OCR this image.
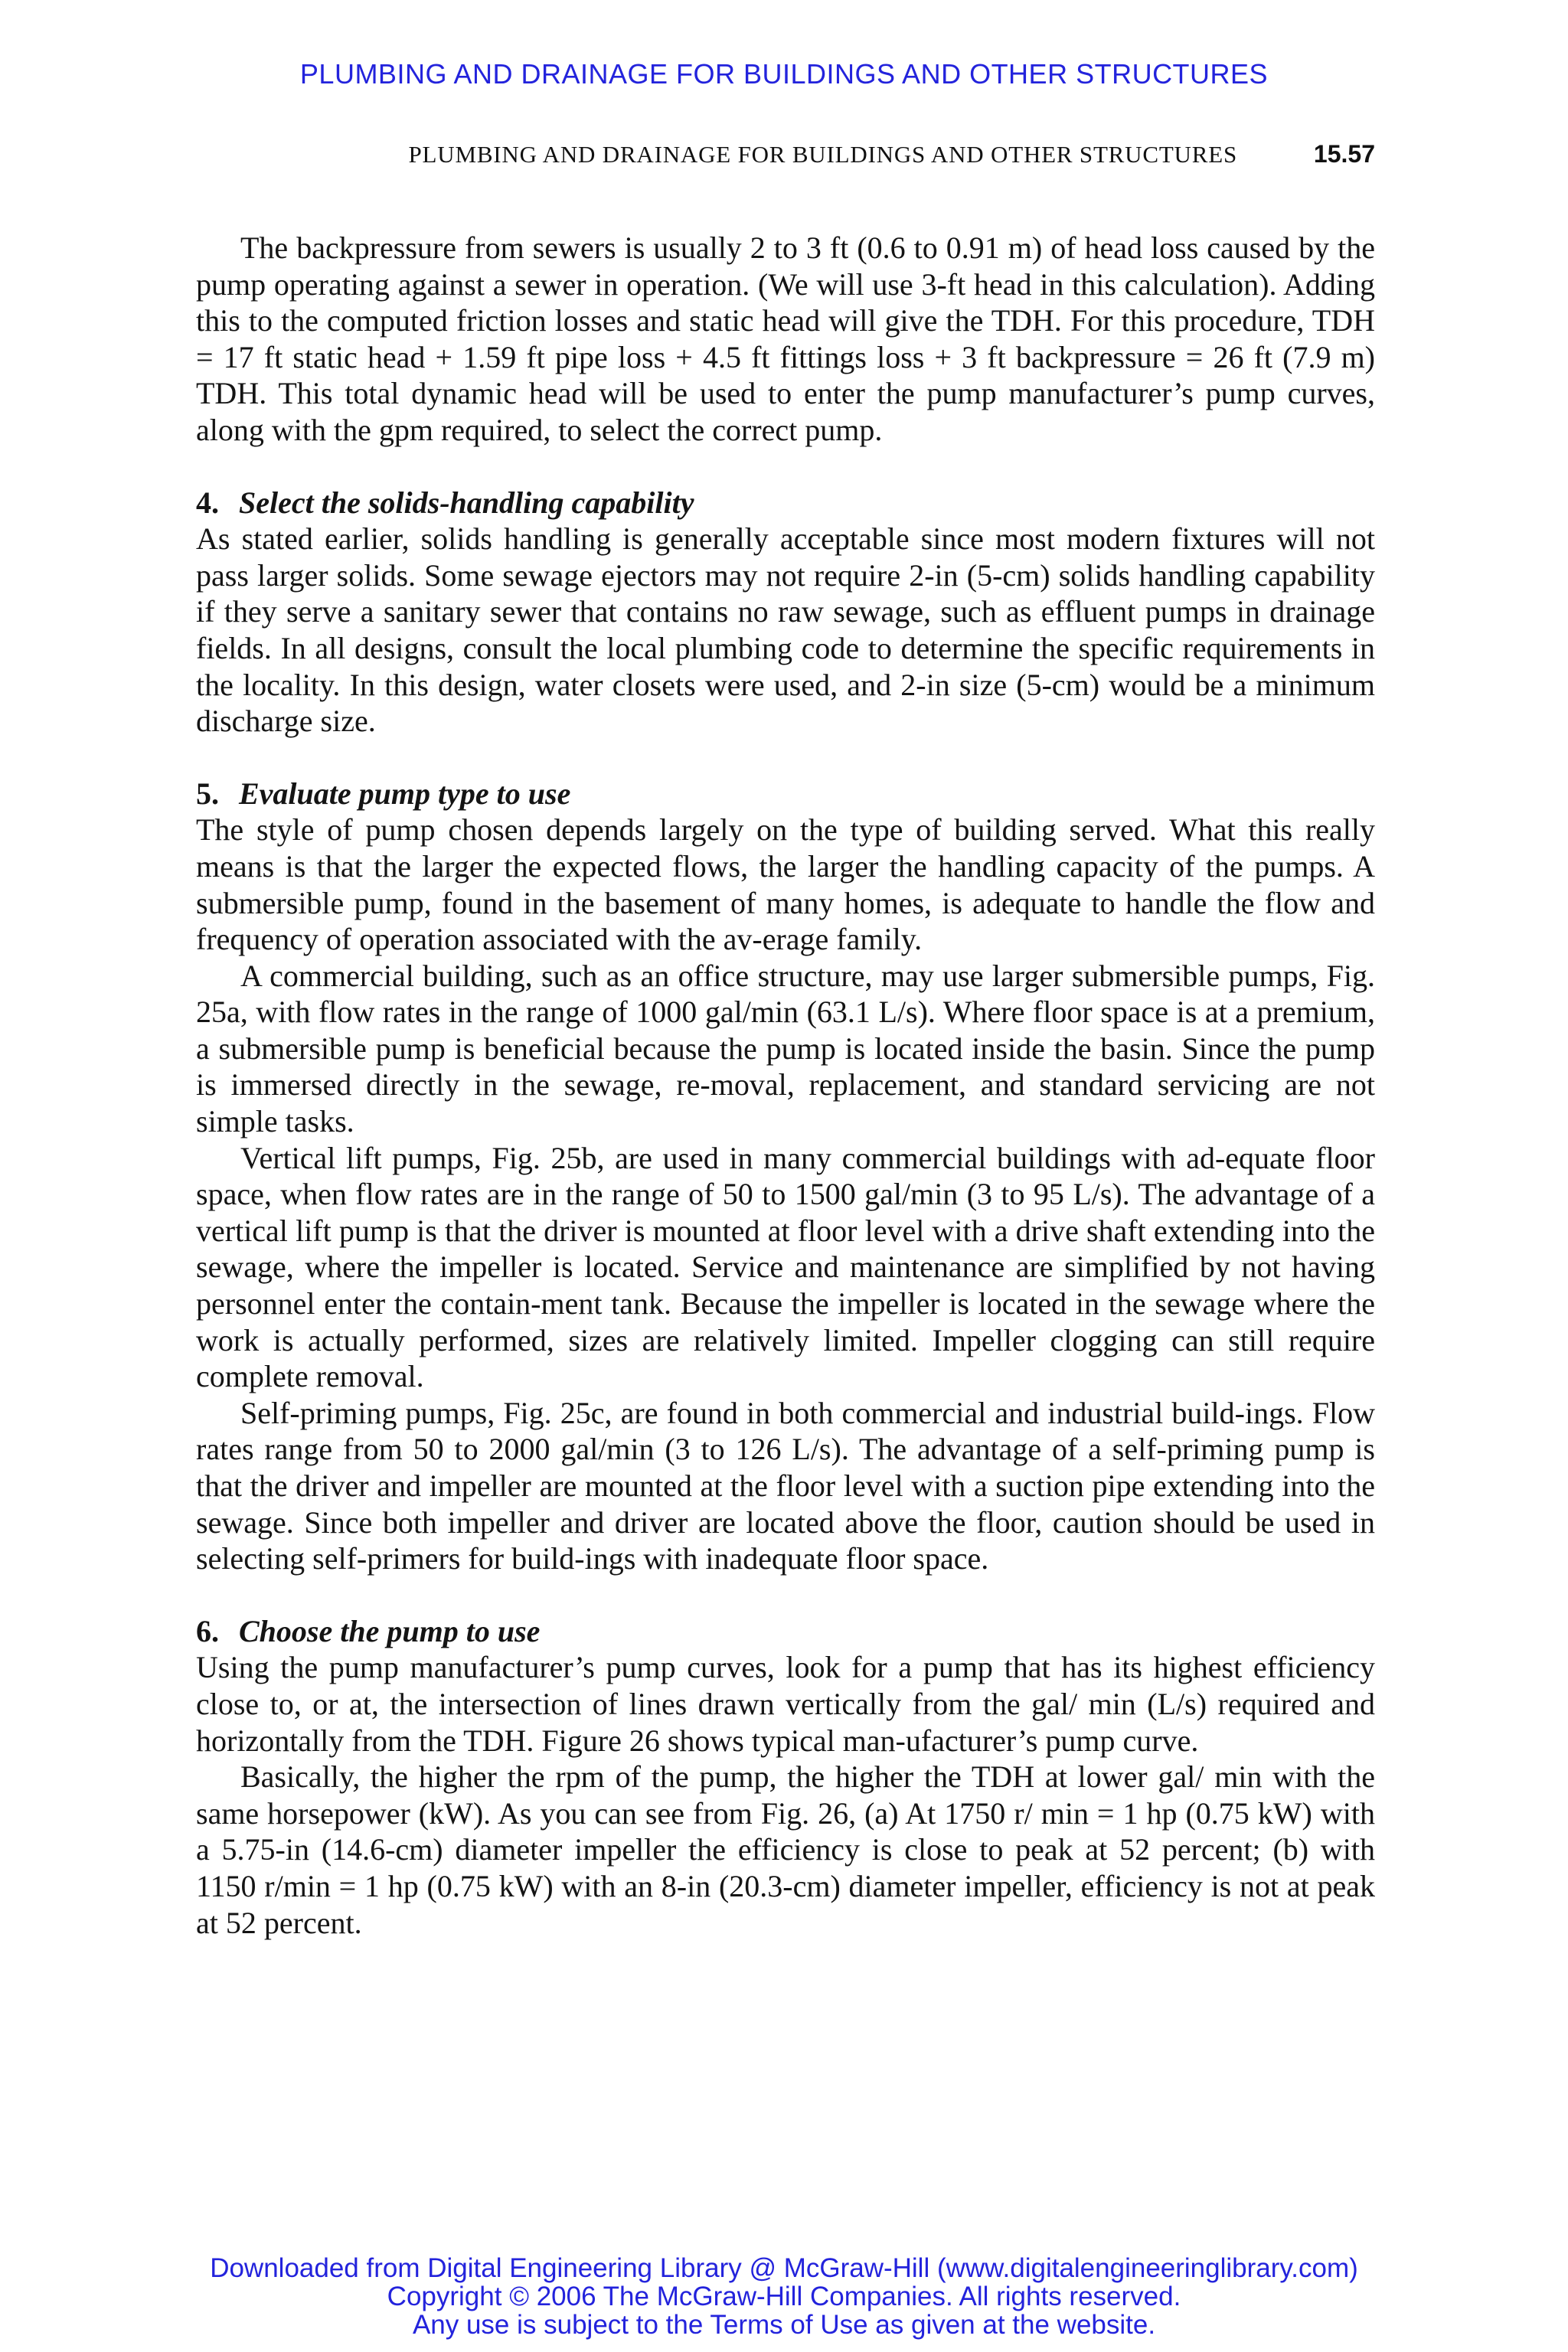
PLUMBING AND DRAINAGE FOR BUILDINGS AND OTHER STRUCTURES
PLUMBING AND DRAINAGE FOR BUILDINGS AND OTHER STRUCTURES	15.57

The backpressure from sewers is usually 2 to 3 ft (0.6 to 0.91 m) of head loss caused by the pump operating against a sewer in operation. (We will use 3-ft head in this calculation). Adding this to the computed friction losses and static head will give the TDH. For this procedure, TDH = 17 ft static head + 1.59 ft pipe loss + 4.5 ft fittings loss + 3 ft backpressure = 26 ft (7.9 m) TDH. This total dynamic head will be used to enter the pump manufacturer’s pump curves, along with the gpm required, to select the correct pump.

4. Select the solids-handling capability

As stated earlier, solids handling is generally acceptable since most modern fixtures will not pass larger solids. Some sewage ejectors may not require 2-in (5-cm) solids handling capability if they serve a sanitary sewer that contains no raw sewage, such as effluent pumps in drainage fields. In all designs, consult the local plumbing code to determine the specific requirements in the locality. In this design, water closets were used, and 2-in size (5-cm) would be a minimum discharge size.

5. Evaluate pump type to use

The style of pump chosen depends largely on the type of building served. What this really means is that the larger the expected flows, the larger the handling capacity of the pumps. A submersible pump, found in the basement of many homes, is adequate to handle the flow and frequency of operation associated with the av-erage family.

A commercial building, such as an office structure, may use larger submersible pumps, Fig. 25a, with flow rates in the range of 1000 gal/min (63.1 L/s). Where floor space is at a premium, a submersible pump is beneficial because the pump is located inside the basin. Since the pump is immersed directly in the sewage, re-moval, replacement, and standard servicing are not simple tasks.

Vertical lift pumps, Fig. 25b, are used in many commercial buildings with ad-equate floor space, when flow rates are in the range of 50 to 1500 gal/min (3 to 95 L/s). The advantage of a vertical lift pump is that the driver is mounted at floor level with a drive shaft extending into the sewage, where the impeller is located. Service and maintenance are simplified by not having personnel enter the contain-ment tank. Because the impeller is located in the sewage where the work is actually performed, sizes are relatively limited. Impeller clogging can still require complete removal.

Self-priming pumps, Fig. 25c, are found in both commercial and industrial build-ings. Flow rates range from 50 to 2000 gal/min (3 to 126 L/s). The advantage of a self-priming pump is that the driver and impeller are mounted at the floor level with a suction pipe extending into the sewage. Since both impeller and driver are located above the floor, caution should be used in selecting self-primers for build-ings with inadequate floor space.

6. Choose the pump to use

Using the pump manufacturer’s pump curves, look for a pump that has its highest efficiency close to, or at, the intersection of lines drawn vertically from the gal/ min (L/s) required and horizontally from the TDH. Figure 26 shows typical man-ufacturer’s pump curve.

Basically, the higher the rpm of the pump, the higher the TDH at lower gal/ min with the same horsepower (kW). As you can see from Fig. 26, (a) At 1750 r/ min = 1 hp (0.75 kW) with a 5.75-in (14.6-cm) diameter impeller the efficiency is close to peak at 52 percent; (b) with 1150 r/min = 1 hp (0.75 kW) with an 8-in (20.3-cm) diameter impeller, efficiency is not at peak at 52 percent.

Downloaded from Digital Engineering Library @ McGraw-Hill (www.digitalengineeringlibrary.com)
Copyright © 2006 The McGraw-Hill Companies. All rights reserved.
Any use is subject to the Terms of Use as given at the website.
